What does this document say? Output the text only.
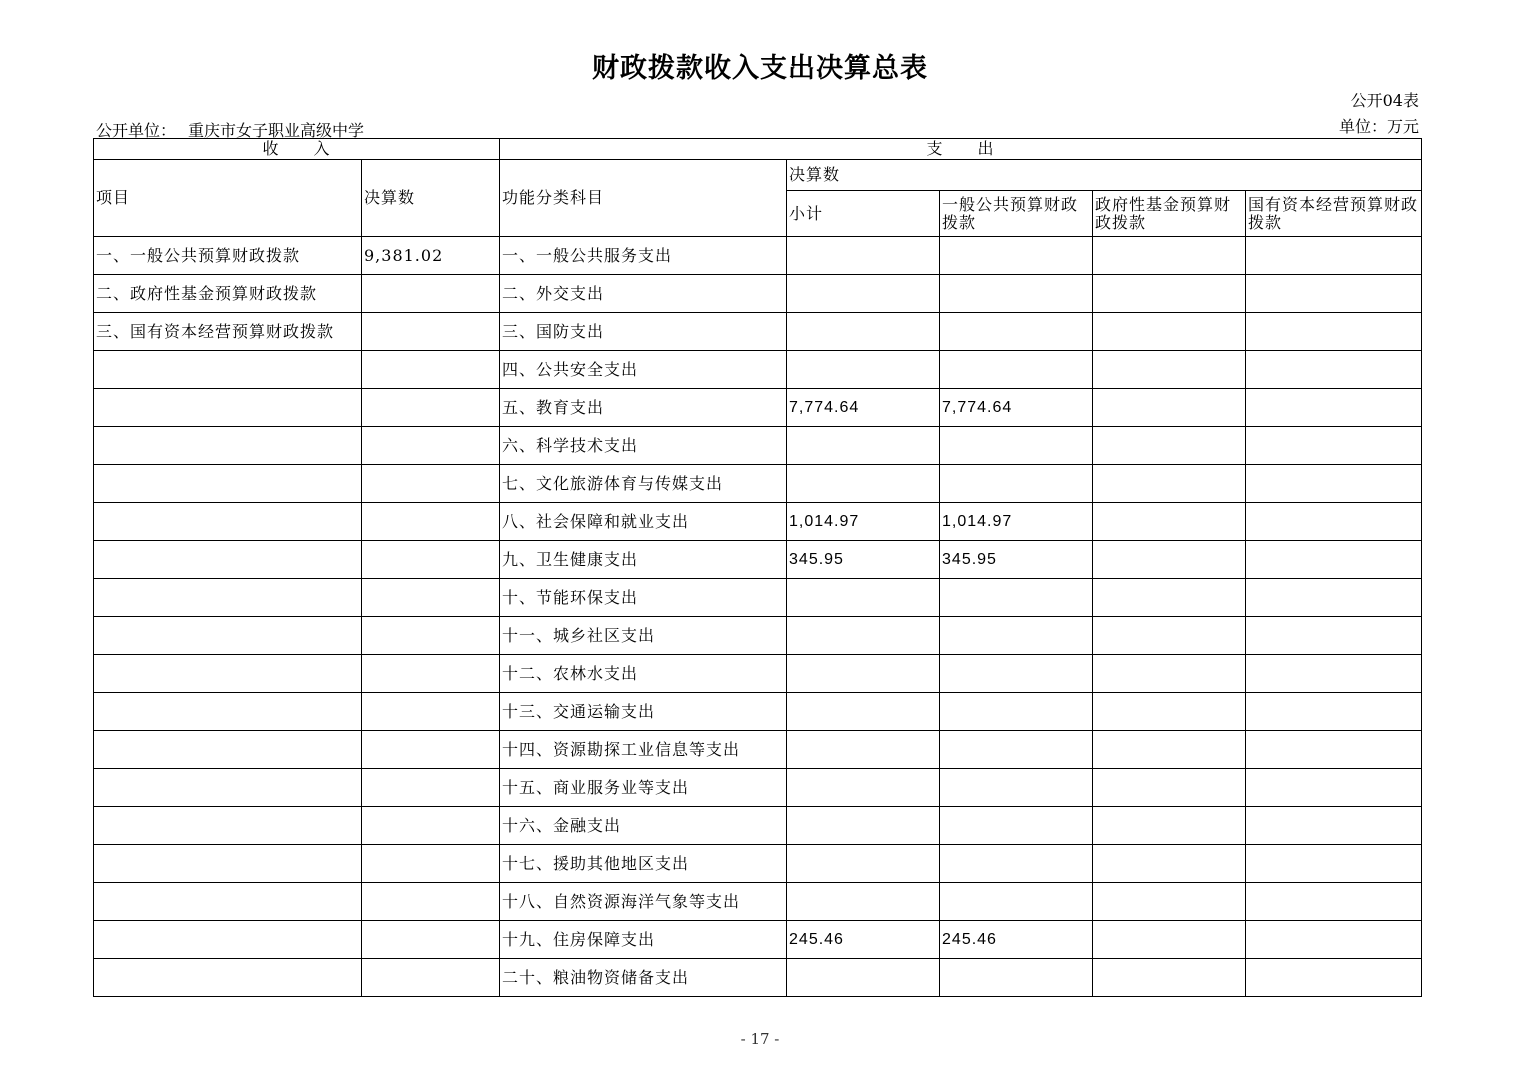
财政拨款收入支出决算总表
公开04表
单位：万元
公开单位： 重庆市女子职业高级中学
收　　入		支　　出				
项目	决算数	功能分类科目	决算数			
			小计	一般公共预算财政拨款	政府性基金预算财政拨款	国有资本经营预算财政拨款
一、一般公共预算财政拨款	9,381.02	一、一般公共服务支出				
二、政府性基金预算财政拨款		二、外交支出				
三、国有资本经营预算财政拨款		三、国防支出				
		四、公共安全支出				
		五、教育支出	7,774.64	7,774.64		
		六、科学技术支出				
		七、文化旅游体育与传媒支出				
		八、社会保障和就业支出	1,014.97	1,014.97		
		九、卫生健康支出	345.95	345.95		
		十、节能环保支出				
		十一、城乡社区支出				
		十二、农林水支出				
		十三、交通运输支出				
		十四、资源勘探工业信息等支出				
		十五、商业服务业等支出				
		十六、金融支出				
		十七、援助其他地区支出				
		十八、自然资源海洋气象等支出				
		十九、住房保障支出	245.46	245.46		
		二十、粮油物资储备支出				
- 17 -
